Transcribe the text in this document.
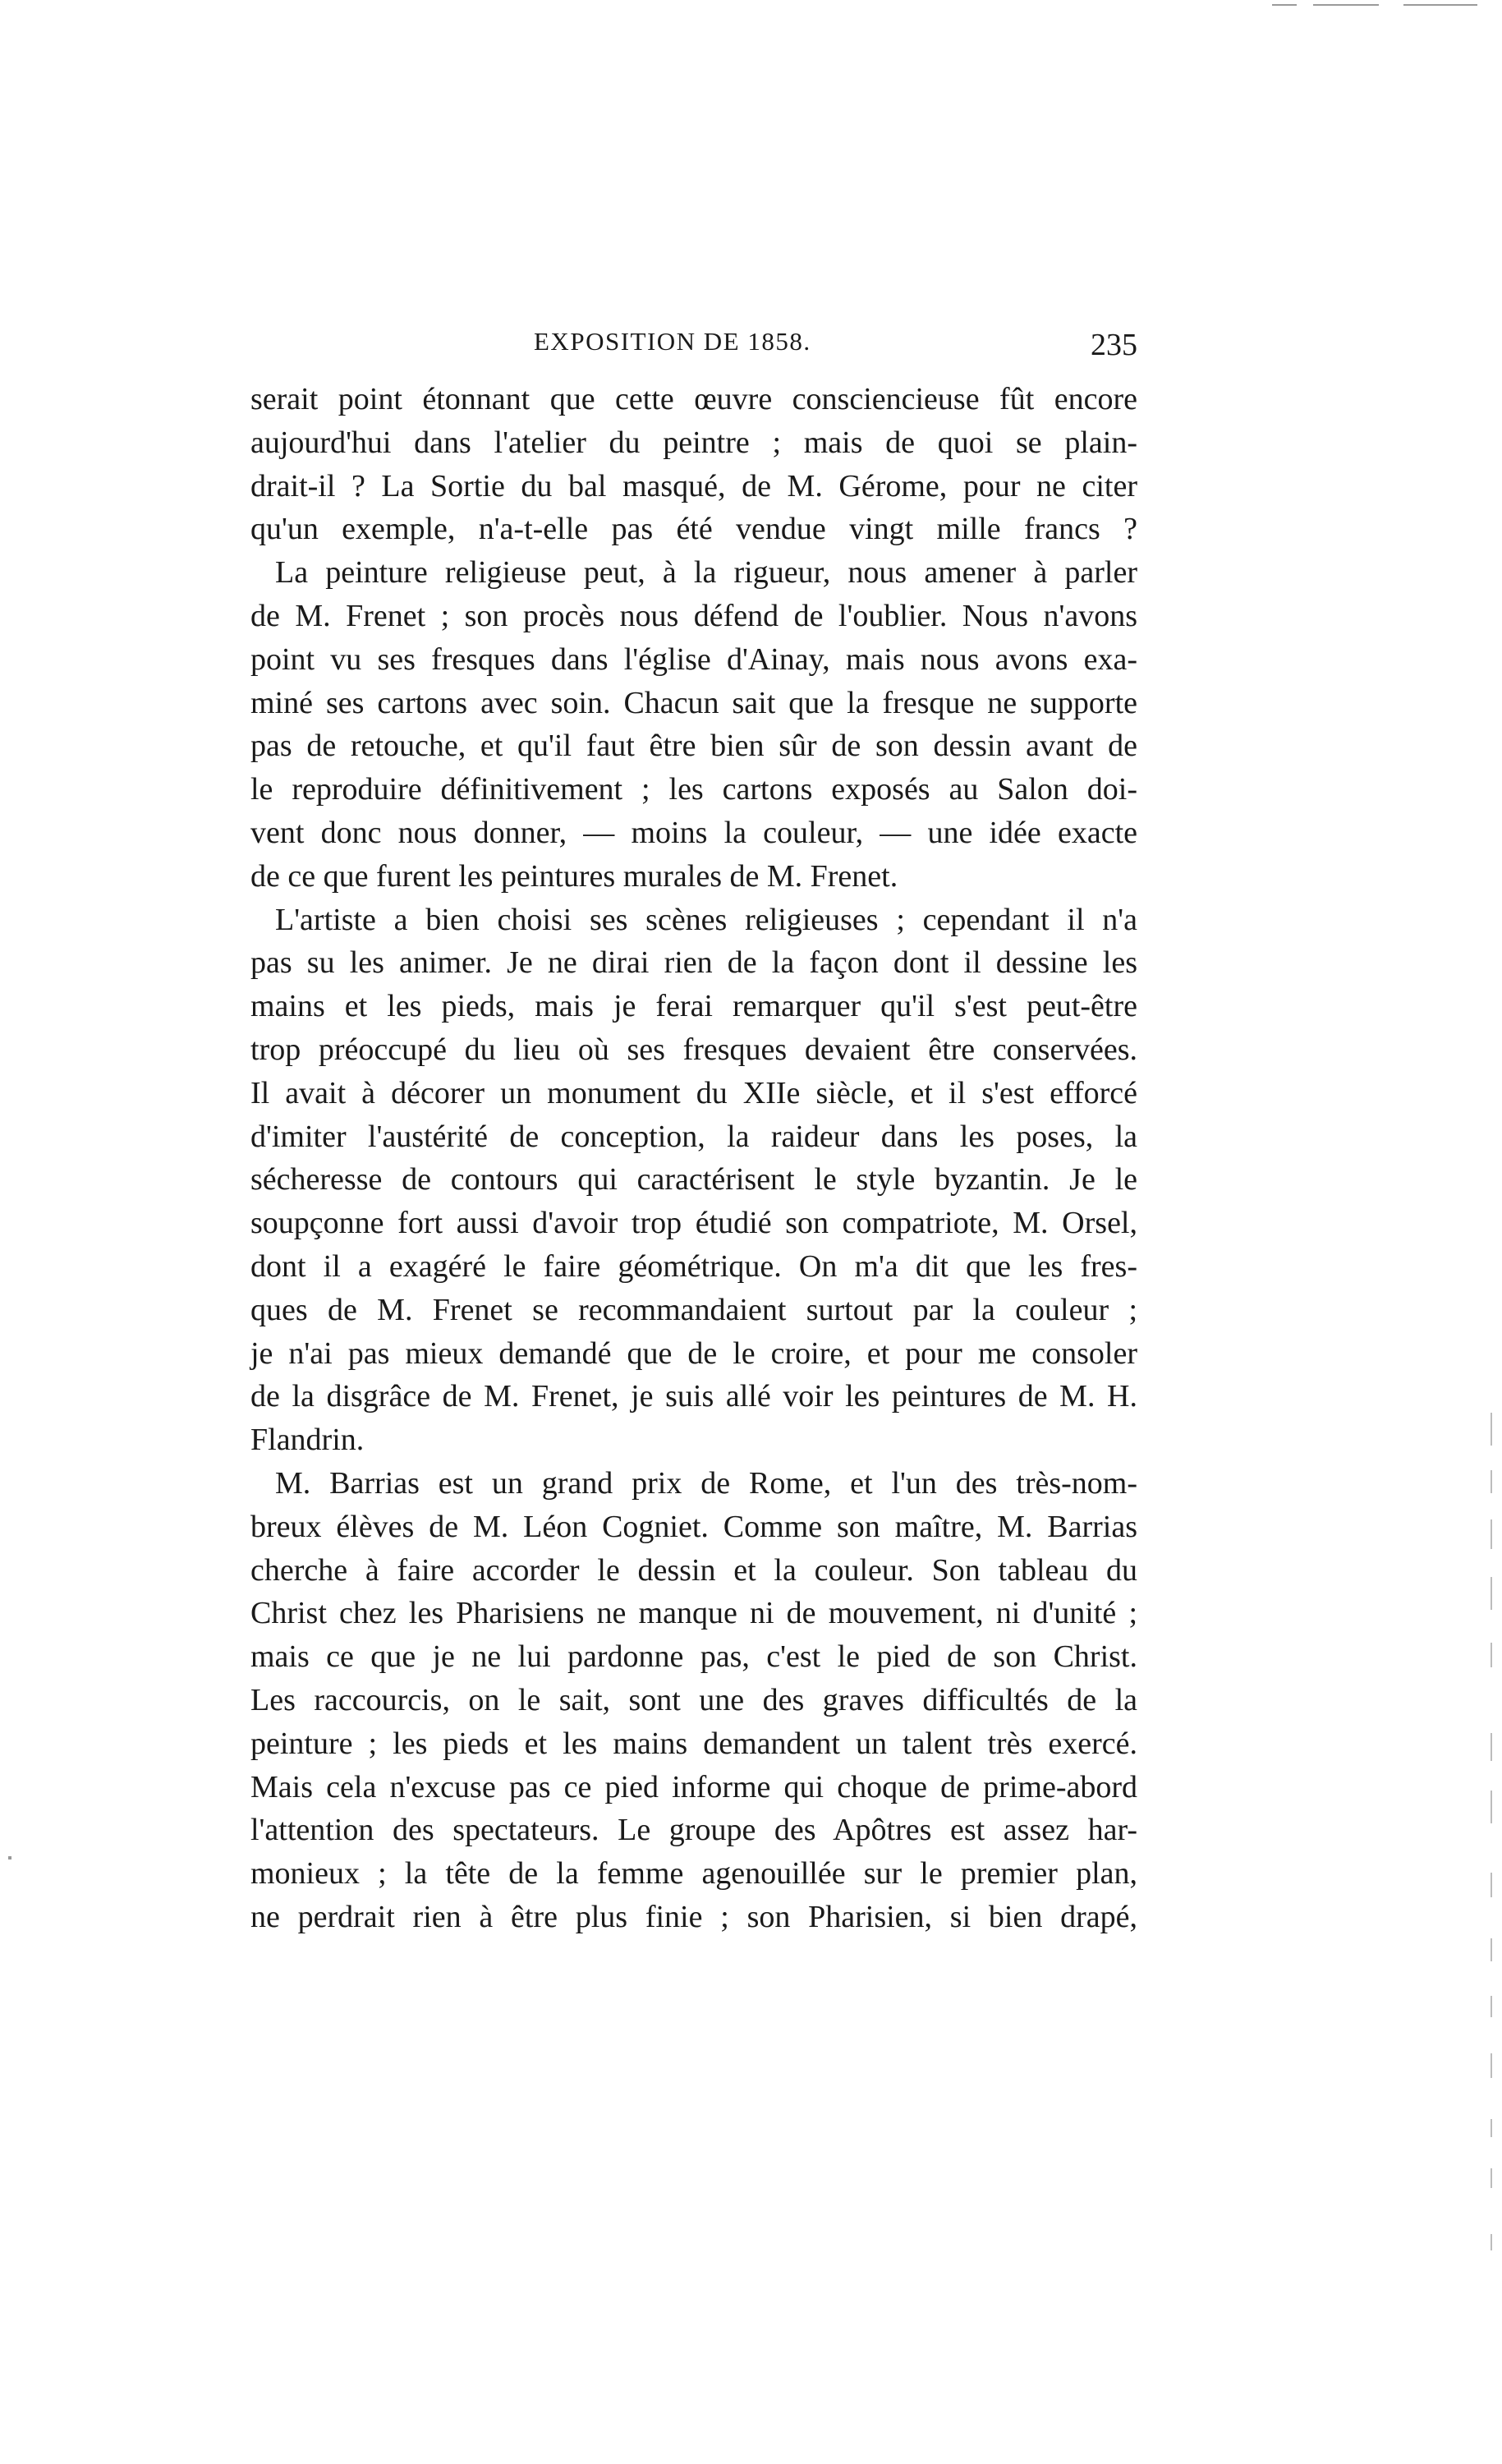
EXPOSITION DE 1858.	235
serait point étonnant que cette œuvre consciencieuse fût encore
aujourd'hui dans l'atelier du peintre ; mais de quoi se plain-
drait-il ? La Sortie du bal masqué, de M. Gérome, pour ne citer
qu'un exemple, n'a-t-elle pas été vendue vingt mille francs ?
La peinture religieuse peut, à la rigueur, nous amener à parler
de M. Frenet ; son procès nous défend de l'oublier. Nous n'avons
point vu ses fresques dans l'église d'Ainay, mais nous avons exa-
miné ses cartons avec soin. Chacun sait que la fresque ne supporte
pas de retouche, et qu'il faut être bien sûr de son dessin avant de
le reproduire définitivement ; les cartons exposés au Salon doi-
vent donc nous donner, — moins la couleur, — une idée exacte
de ce que furent les peintures murales de M. Frenet.
L'artiste a bien choisi ses scènes religieuses ; cependant il n'a
pas su les animer. Je ne dirai rien de la façon dont il dessine les
mains et les pieds, mais je ferai remarquer qu'il s'est peut-être
trop préoccupé du lieu où ses fresques devaient être conservées.
Il avait à décorer un monument du XIIe siècle, et il s'est efforcé
d'imiter l'austérité de conception, la raideur dans les poses, la
sécheresse de contours qui caractérisent le style byzantin. Je le
soupçonne fort aussi d'avoir trop étudié son compatriote, M. Orsel,
dont il a exagéré le faire géométrique. On m'a dit que les fres-
ques de M. Frenet se recommandaient surtout par la couleur ;
je n'ai pas mieux demandé que de le croire, et pour me consoler
de la disgrâce de M. Frenet, je suis allé voir les peintures de M. H.
Flandrin.
M. Barrias est un grand prix de Rome, et l'un des très-nom-
breux élèves de M. Léon Cogniet. Comme son maître, M. Barrias
cherche à faire accorder le dessin et la couleur. Son tableau du
Christ chez les Pharisiens ne manque ni de mouvement, ni d'unité ;
mais ce que je ne lui pardonne pas, c'est le pied de son Christ.
Les raccourcis, on le sait, sont une des graves difficultés de la
peinture ; les pieds et les mains demandent un talent très exercé.
Mais cela n'excuse pas ce pied informe qui choque de prime-abord
l'attention des spectateurs. Le groupe des Apôtres est assez har-
monieux ; la tête de la femme agenouillée sur le premier plan,
ne perdrait rien à être plus finie ; son Pharisien, si bien drapé,
